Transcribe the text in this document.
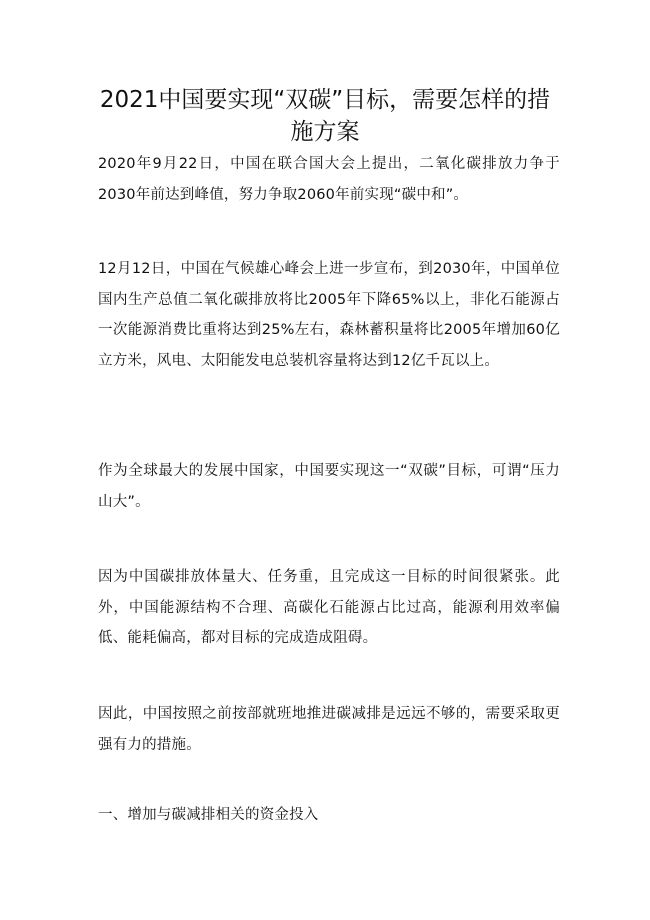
2021中国要实现“双碳”目标，需要怎样的措施方案

2020年9月22日，中国在联合国大会上提出，二氧化碳排放力争于2030年前达到峰值，努力争取2060年前实现“碳中和”。

12月12日，中国在气候雄心峰会上进一步宣布，到2030年，中国单位国内生产总值二氧化碳排放将比2005年下降65%以上，非化石能源占一次能源消费比重将达到25%左右，森林蓄积量将比2005年增加60亿立方米，风电、太阳能发电总装机容量将达到12亿千瓦以上。

作为全球最大的发展中国家，中国要实现这一“双碳”目标，可谓“压力山大”。

因为中国碳排放体量大、任务重，且完成这一目标的时间很紧张。此外，中国能源结构不合理、高碳化石能源占比过高，能源利用效率偏低、能耗偏高，都对目标的完成造成阻碍。

因此，中国按照之前按部就班地推进碳减排是远远不够的，需要采取更强有力的措施。

一、增加与碳减排相关的资金投入
